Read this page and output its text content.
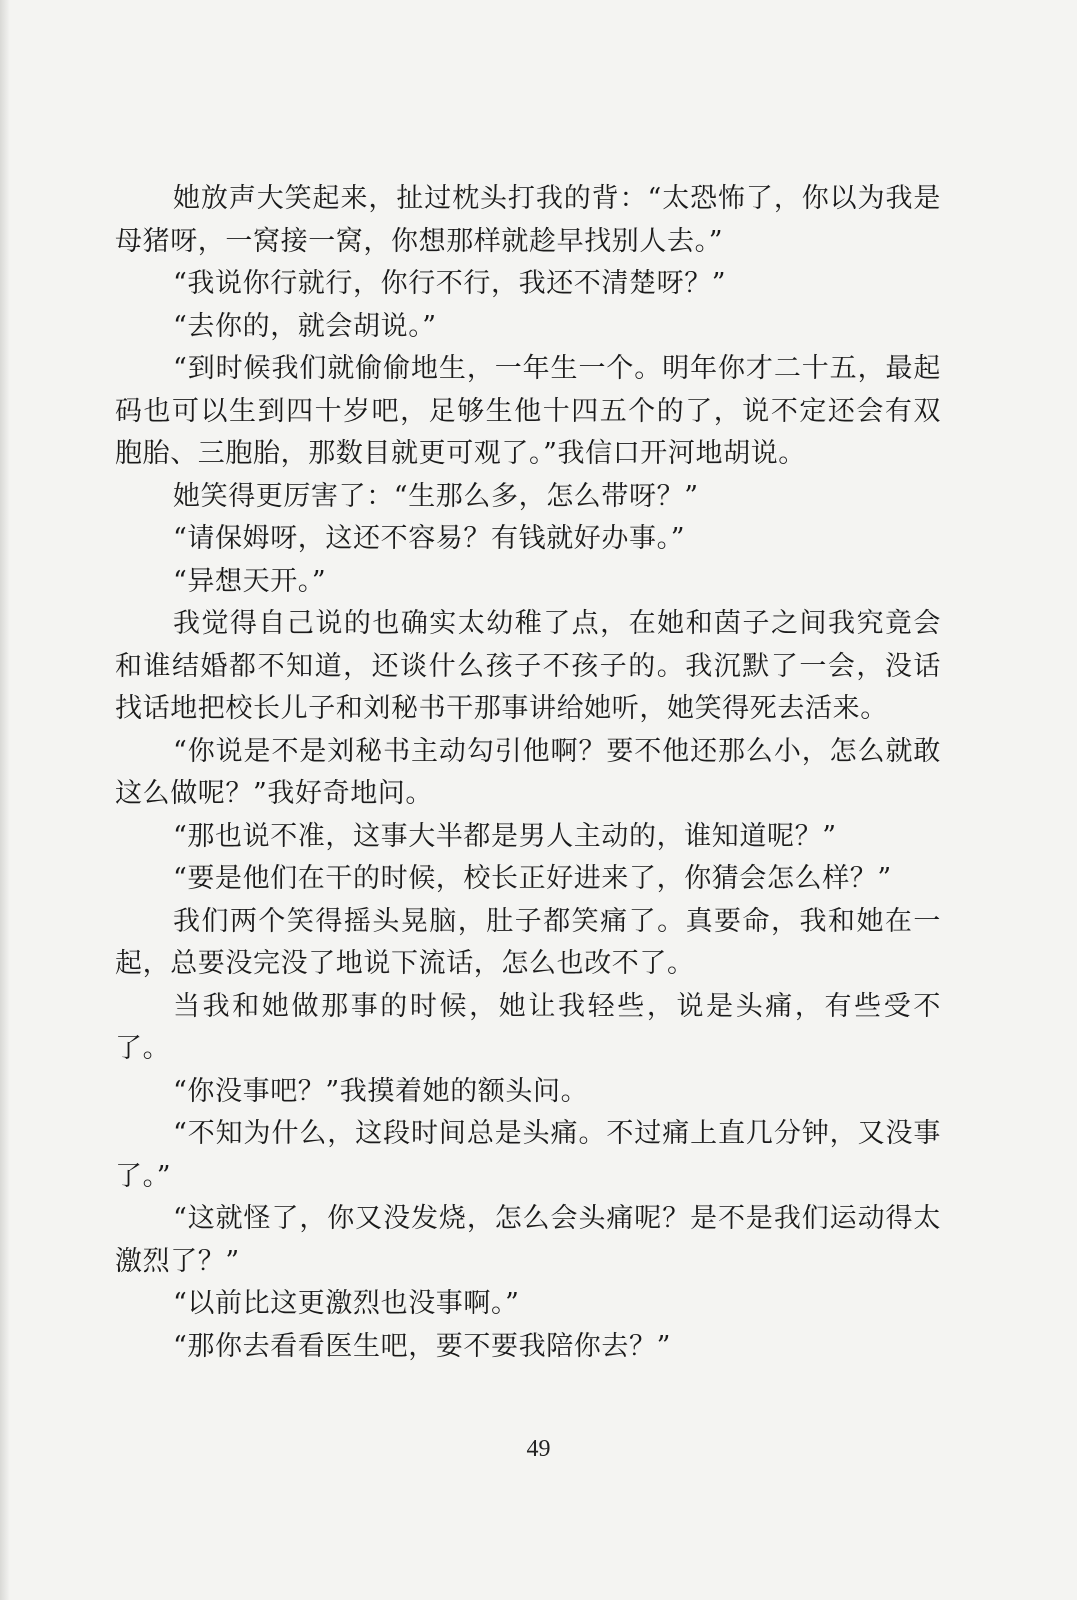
她放声大笑起来，扯过枕头打我的背：“太恐怖了，你以为我是母猪呀，一窝接一窝，你想那样就趁早找别人去。”

“我说你行就行，你行不行，我还不清楚呀？”

“去你的，就会胡说。”

“到时候我们就偷偷地生，一年生一个。明年你才二十五，最起码也可以生到四十岁吧，足够生他十四五个的了，说不定还会有双胞胎、三胞胎，那数目就更可观了。”我信口开河地胡说。

她笑得更厉害了：“生那么多，怎么带呀？”

“请保姆呀，这还不容易？有钱就好办事。”

“异想天开。”

我觉得自己说的也确实太幼稚了点，在她和茵子之间我究竟会和谁结婚都不知道，还谈什么孩子不孩子的。我沉默了一会，没话找话地把校长儿子和刘秘书干那事讲给她听，她笑得死去活来。

“你说是不是刘秘书主动勾引他啊？要不他还那么小，怎么就敢这么做呢？”我好奇地问。

“那也说不准，这事大半都是男人主动的，谁知道呢？”

“要是他们在干的时候，校长正好进来了，你猜会怎么样？”

我们两个笑得摇头晃脑，肚子都笑痛了。真要命，我和她在一起，总要没完没了地说下流话，怎么也改不了。

当我和她做那事的时候，她让我轻些，说是头痛，有些受不了。

“你没事吧？”我摸着她的额头问。

“不知为什么，这段时间总是头痛。不过痛上直几分钟，又没事了。”

“这就怪了，你又没发烧，怎么会头痛呢？是不是我们运动得太激烈了？”

“以前比这更激烈也没事啊。”

“那你去看看医生吧，要不要我陪你去？”

49
